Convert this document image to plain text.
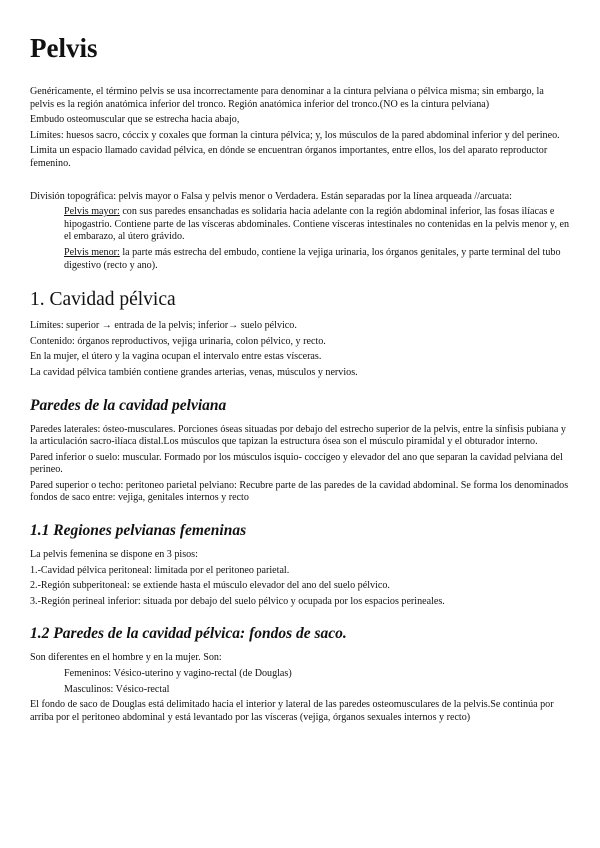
Pelvis

Genéricamente, el término pelvis se usa incorrectamente para denominar a la cintura pelviana o pélvica misma; sin embargo, la pelvis es la región anatómica inferior del tronco. Región anatómica inferior del tronco.(NO es la cintura pelviana)

Embudo osteomuscular que se estrecha hacia abajo,

Límites: huesos sacro, cóccix y coxales que forman la cintura pélvica; y, los músculos de la pared abdominal inferior y del perineo.

Limita un espacio llamado cavidad pélvica, en dónde se encuentran órganos importantes, entre ellos, los del aparato reproductor femenino.

División topográfica: pelvis mayor o Falsa y pelvis menor o Verdadera. Están separadas por la línea arqueada //arcuata:

Pelvis mayor: con sus paredes ensanchadas es solidaria hacia adelante con la región abdominal inferior, las fosas ilíacas e hipogastrio. Contiene parte de las vísceras abdominales. Contiene vísceras intestinales no contenidas en la pelvis menor y, en el embarazo, al útero grávido.

Pelvis menor: la parte más estrecha del embudo, contiene la vejiga urinaria, los órganos genitales, y parte terminal del tubo digestivo (recto y ano).

1. Cavidad pélvica

Límites: superior → entrada de la pelvis; inferior→ suelo pélvico.

Contenido: órganos reproductivos, vejiga urinaria, colon pélvico, y recto.

En la mujer, el útero y la vagina ocupan el intervalo entre estas vísceras.

La cavidad pélvica también contiene grandes arterias, venas, músculos y nervios.

Paredes de la cavidad pelviana

Paredes laterales: ósteo-musculares. Porciones óseas situadas por debajo del estrecho superior de la pelvis, entre la sínfisis pubiana y la articulación sacro-ilíaca distal.Los músculos que tapizan la estructura ósea son el músculo piramidal y el obturador interno.

Pared inferior o suelo: muscular. Formado por los músculos isquio- coccígeo y elevador del ano que separan la cavidad pelviana del perineo.

Pared superior o techo: peritoneo parietal pelviano: Recubre parte de las paredes de la cavidad abdominal. Se forma los denominados fondos de saco entre: vejiga, genitales internos y recto

1.1 Regiones pelvianas femeninas

La pelvis femenina se dispone en 3 pisos:

1.-Cavidad pélvica peritoneal: limitada por el peritoneo parietal.

2.-Región subperitoneal: se extiende hasta el músculo elevador del ano del suelo pélvico.

3.-Región perineal inferior: situada por debajo del suelo pélvico y ocupada por los espacios perineales.

1.2 Paredes de la cavidad pélvica: fondos de saco.

Son diferentes en el hombre y en la mujer. Son:

Femeninos: Vésico-uterino y vagino-rectal (de Douglas)

Masculinos: Vésico-rectal

El fondo de saco de Douglas está delimitado hacia el interior y lateral de las paredes osteomusculares de la pelvis.Se continúa por arriba por el peritoneo abdominal y está levantado por las vísceras (vejiga, órganos sexuales internos y recto)
